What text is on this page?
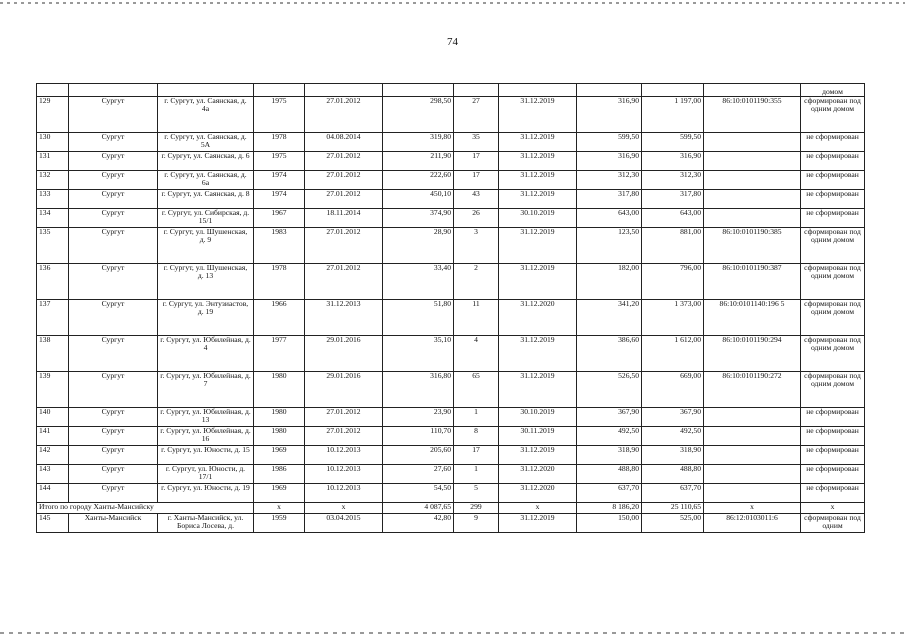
74
											домом
129	Сургут	г. Сургут, ул. Саянская, д. 4а	1975	27.01.2012	298,50	27	31.12.2019	316,90	1 197,00	86:10:0101190:355	сформирован под одним домом
130	Сургут	г. Сургут, ул. Саянская, д. 5А	1978	04.08.2014	319,80	35	31.12.2019	599,50	599,50		не сформирован
131	Сургут	г. Сургут, ул. Саянская, д. 6	1975	27.01.2012	211,90	17	31.12.2019	316,90	316,90		не сформирован
132	Сургут	г. Сургут, ул. Саянская, д. 6а	1974	27.01.2012	222,60	17	31.12.2019	312,30	312,30		не сформирован
133	Сургут	г. Сургут, ул. Саянская, д. 8	1974	27.01.2012	450,10	43	31.12.2019	317,80	317,80		не сформирован
134	Сургут	г. Сургут, ул. Сибирская, д. 15/1	1967	18.11.2014	374,90	26	30.10.2019	643,00	643,00		не сформирован
135	Сургут	г. Сургут, ул. Шушенская, д. 9	1983	27.01.2012	28,90	3	31.12.2019	123,50	881,00	86:10:0101190:385	сформирован под одним домом
136	Сургут	г. Сургут, ул. Шушенская, д. 13	1978	27.01.2012	33,40	2	31.12.2019	182,00	796,00	86:10:0101190:387	сформирован под одним домом
137	Сургут	г. Сургут, ул. Энтузиастов, д. 19	1966	31.12.2013	51,80	11	31.12.2020	341,20	1 373,00	86:10:0101140:196 5	сформирован под одним домом
138	Сургут	г. Сургут, ул. Юбилейная, д. 4	1977	29.01.2016	35,10	4	31.12.2019	386,60	1 612,00	86:10:0101190:294	сформирован под одним домом
139	Сургут	г. Сургут, ул. Юбилейная, д. 7	1980	29.01.2016	316,80	65	31.12.2019	526,50	669,00	86:10:0101190:272	сформирован под одним домом
140	Сургут	г. Сургут, ул. Юбилейная, д. 13	1980	27.01.2012	23,90	1	30.10.2019	367,90	367,90		не сформирован
141	Сургут	г. Сургут, ул. Юбилейная, д. 16	1980	27.01.2012	110,70	8	30.11.2019	492,50	492,50		не сформирован
142	Сургут	г. Сургут, ул. Юности, д. 15	1969	10.12.2013	205,60	17	31.12.2019	318,90	318,90		не сформирован
143	Сургут	г. Сургут, ул. Юности, д. 17/1	1986	10.12.2013	27,60	1	31.12.2020	488,80	488,80		не сформирован
144	Сургут	г. Сургут, ул. Юности, д. 19	1969	10.12.2013	54,50	5	31.12.2020	637,70	637,70		не сформирован
Итого по городу Ханты-Мансийску			x	x	4 087,65	299	x	8 186,20	25 110,65	x	x
145	Ханты-Мансийск	г. Ханты-Мансийск, ул. Бориса Лосева, д.	1959	03.04.2015	42,80	9	31.12.2019	150,00	525,00	86:12:0103011:6	сформирован под одним
